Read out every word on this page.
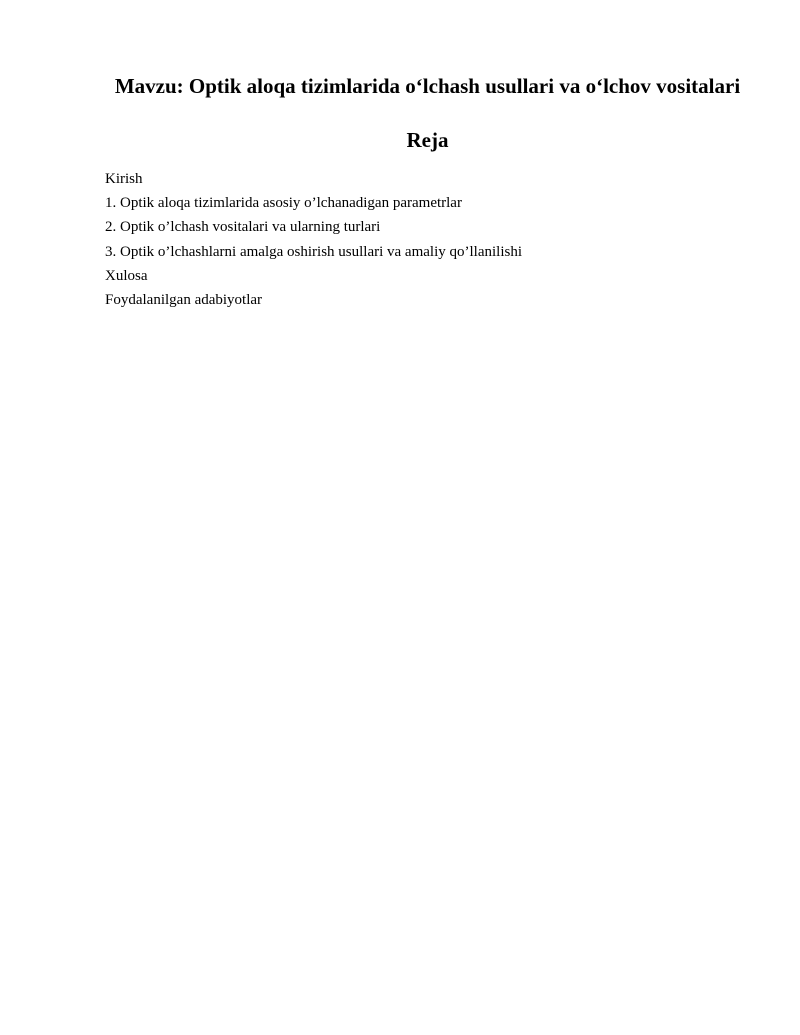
Mavzu: Optik aloqa tizimlarida o‘lchash usullari va o‘lchov vositalari
Reja
Kirish
1. Optik aloqa tizimlarida asosiy o’lchanadigan parametrlar
2. Optik o’lchash vositalari va ularning turlari
3. Optik o’lchashlarni amalga oshirish usullari va amaliy qo’llanilishi
Xulosa
Foydalanilgan adabiyotlar
